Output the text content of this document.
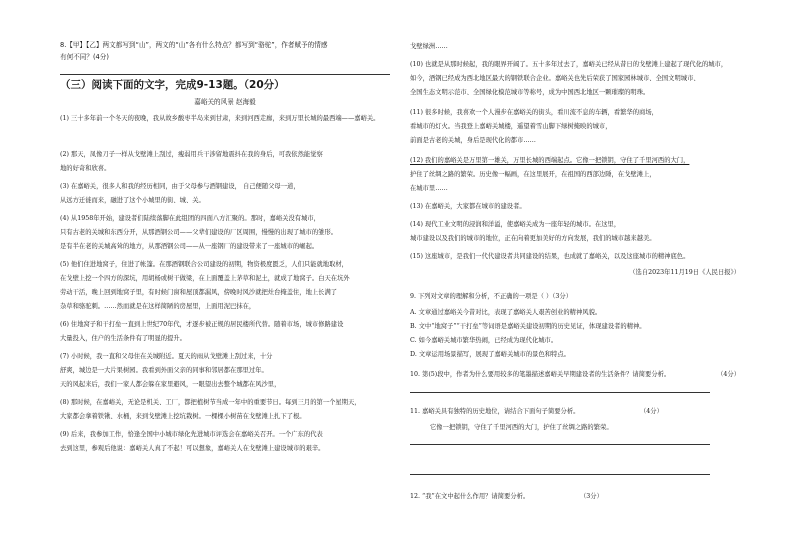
8.【甲】【乙】两文都写到“山”，两文的“山”各有什么特点？都写到“骆驼”，作者赋予的情感
有何不同？(4分)
（三）阅读下面的文字，完成9-13题。（20分）
嘉峪关的风景 赵海毅
(1) 三十多年前一个冬天的夜晚，我从故乡酸枣半岛来到甘肃，来到河西走廊，来到万里长城的最西端——嘉峪关。
(2) 那天，凤像刀子一样从戈壁滩上刮过，瘦弱用兵干涉留地震抖在我的身后，可我依然能觉察
地的好奇和欣喜。
(3) 在嘉峪关，很多人和我的经历相同，由于父母参与酒钢建设， 自己便随父母一道，
从远方迁徙而来，融进了这个小城里的街、城、关。
(4) 从1958年开始，建设者们陆续落脚在此组团的四面八方汇聚的。那时，嘉峪关没有城市，
只有古老的关城和东西分开，从那酒钢公司——父辈们建设的厂区周围，慢慢的出现了城市的雏形。
是有半在老的关城高耸的地方，从那酒钢公司——从一座钢厂的建设带来了一座城市的崛起。
(5) 他们住进地窝子，住进了帐篷。在那酒钢联合公司建设的初期，物资极度匮乏，人们只能就地取材，
在戈壁上挖一个四方的深坑，用胡杨或树干做梁，在上面覆盖上茅草和泥土，就成了地窝子。白天在坑外
劳动干活，晚上回到地窝子里，有时候门窗和屋顶都漏风，傍晚时风沙就把灶台掩盖住，地上长满了
杂草和骆驼刺。……然而就是在这样简陋的房屋里，上面用泥巴抹在，
(6) 住地窝子和干打垒一直到上世纪70年代，才逐步被正规的居民楼所代替。随着市场，城市修路建设
大量投入，住户的生活条件有了明显的提升。
(7) 小时候，我一直和父母住在关城附近。夏天的雨从戈壁滩上刮过来，十分
舒爽，城边是一大片果树园。我看到外面父亲的同事和邻居都在那里过年。
天的风起来后，我们一家人都会躲在家里避风，一眼望出去整个城都在风沙里，
(8) 那时候，在嘉峪关，无论是机关、工厂，都把植树节当成一年中的重要节日。每到三月的第一个星期天，
大家都会拿着铁锹、水桶，来到戈壁滩上挖坑栽树。一棵棵小树苗在戈壁滩上扎下了根。
(9) 后来，我参加工作，恰逢全国中小城市绿化先进城市评选会在嘉峪关召开。一个广东的代表
去到这里，参观后他说：嘉峪关人真了不起！可以想象，嘉峪关人在戈壁滩上建设城市的艰辛。
戈壁绿洲……
(10) 也就是从那时候起，我的眼界开阔了。五十多年过去了，嘉峪关已经从昔日的戈壁滩上建起了现代化的城市，
如今，酒钢已经成为西北地区最大的钢铁联合企业。嘉峪关也先后荣获了国家园林城市、全国文明城市、
全国生态文明示范市、全国绿化模范城市等称号，成为中国西北地区一颗璀璨的明珠。
(11) 很多时候，我喜欢一个人漫步在嘉峪关的街头，看川流不息的车辆，看繁华的商场，
看城市的灯火。当我登上嘉峪关城楼，遥望着雪山脚下绿树掩映的城市，
前面是古老的关城，身后是现代化的都市……
(12) 我们的嘉峪关是万里第一雄关，万里长城的西端起点。它像一把锁钥，守住了千里河西的大门，
护住了丝绸之路的繁荣。历史像一幅画，在这里展开，在祖国的西部边陲，在戈壁滩上，
在城市里……
(13) 在嘉峪关，大家都在城市的建设者。
(14) 现代工业文明的浸润和洋溢，使嘉峪关成为一座年轻的城市。在这里，
城市建设以及我们的城市的地位，正在向着更加美好的方向发展，我们的城市越来越美。
(15) 这座城市，是我们一代代建设者共同建设的结果，也成就了嘉峪关，以及这座城市的精神底色。
（选自2023年11月19日《人民日报》）
9. 下列对文章的理解和分析，不正确的一项是（ ）（3分）
A. 文章通过嘉峪关今昔对比，表现了嘉峪关人艰苦创业的精神风貌。
B. 文中“地窝子”“干打垒”等词语是嘉峪关建设初期的历史见证，体现建设者的精神。
C. 如今嘉峪关城市繁华热闹，已经成为现代化城市。
D. 文章运用场景描写，展现了嘉峪关城市的景色和特点。
10. 第(5)段中，作者为什么要用较多的笔墨描述嘉峪关早期建设者的生活条件？请简要分析。	（4分）
11. 嘉峪关具有独特的历史地位，请结合下面句子简要分析。	（4分）
它像一把锁钥，守住了千里河西的大门，护住了丝绸之路的繁荣。
12. “我”在文中起什么作用？请简要分析。	（3分）
